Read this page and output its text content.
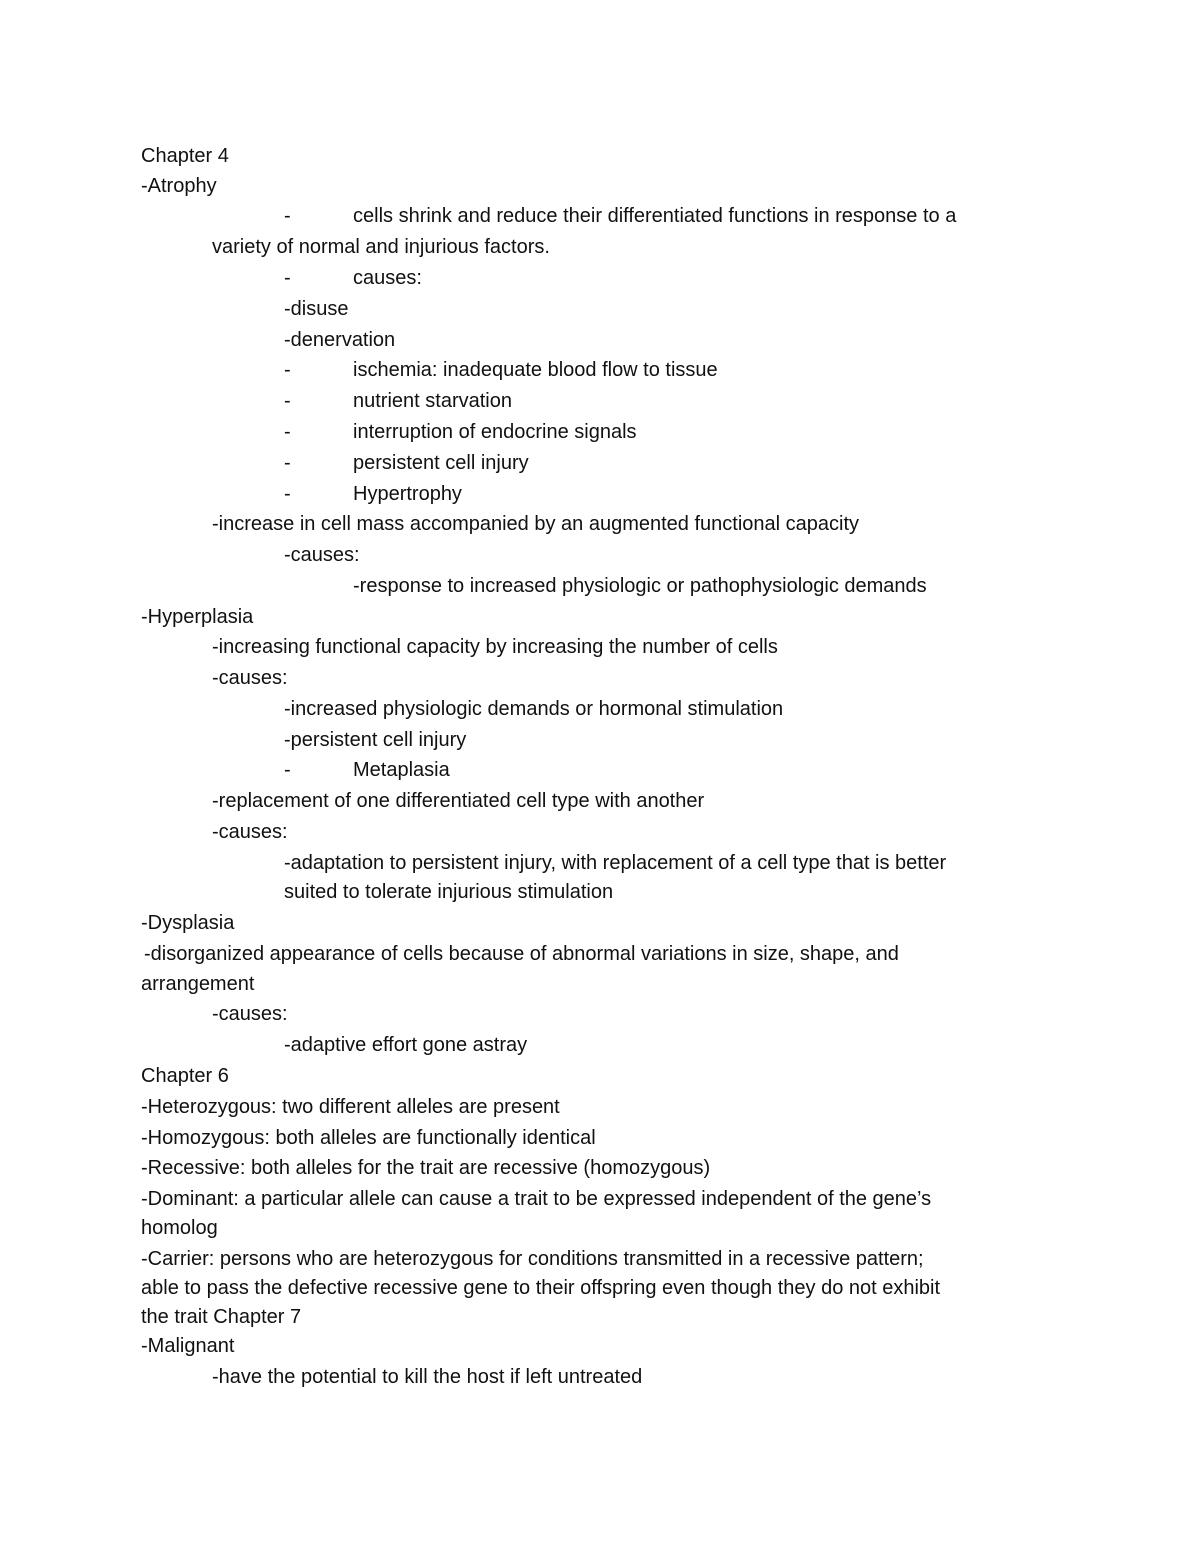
-
-
-
-
-
-
-
-
Chapter 4
-Atrophy
cells shrink and reduce their differentiated functions in response to a
variety of normal and injurious factors.
causes:
-disuse
-denervation
ischemia: inadequate blood flow to tissue
nutrient starvation
interruption of endocrine signals
persistent cell injury
Hypertrophy
-increase in cell mass accompanied by an augmented functional capacity
-causes:
-response to increased physiologic or pathophysiologic demands
-Hyperplasia
-increasing functional capacity by increasing the number of cells
-causes:
-increased physiologic demands or hormonal stimulation
-persistent cell injury
Metaplasia
-replacement of one differentiated cell type with another
-causes:
-adaptation to persistent injury, with replacement of a cell type that is better
suited to tolerate injurious stimulation
-Dysplasia
-disorganized appearance of cells because of abnormal variations in size, shape, and
arrangement
-causes:
-adaptive effort gone astray
Chapter 6
-Heterozygous: two different alleles are present
-Homozygous: both alleles are functionally identical
-Recessive: both alleles for the trait are recessive (homozygous)
-Dominant: a particular allele can cause a trait to be expressed independent of the gene’s
homolog
-Carrier: persons who are heterozygous for conditions transmitted in a recessive pattern;
able to pass the defective recessive gene to their offspring even though they do not exhibit
the trait Chapter 7
-Malignant
-have the potential to kill the host if left untreated
